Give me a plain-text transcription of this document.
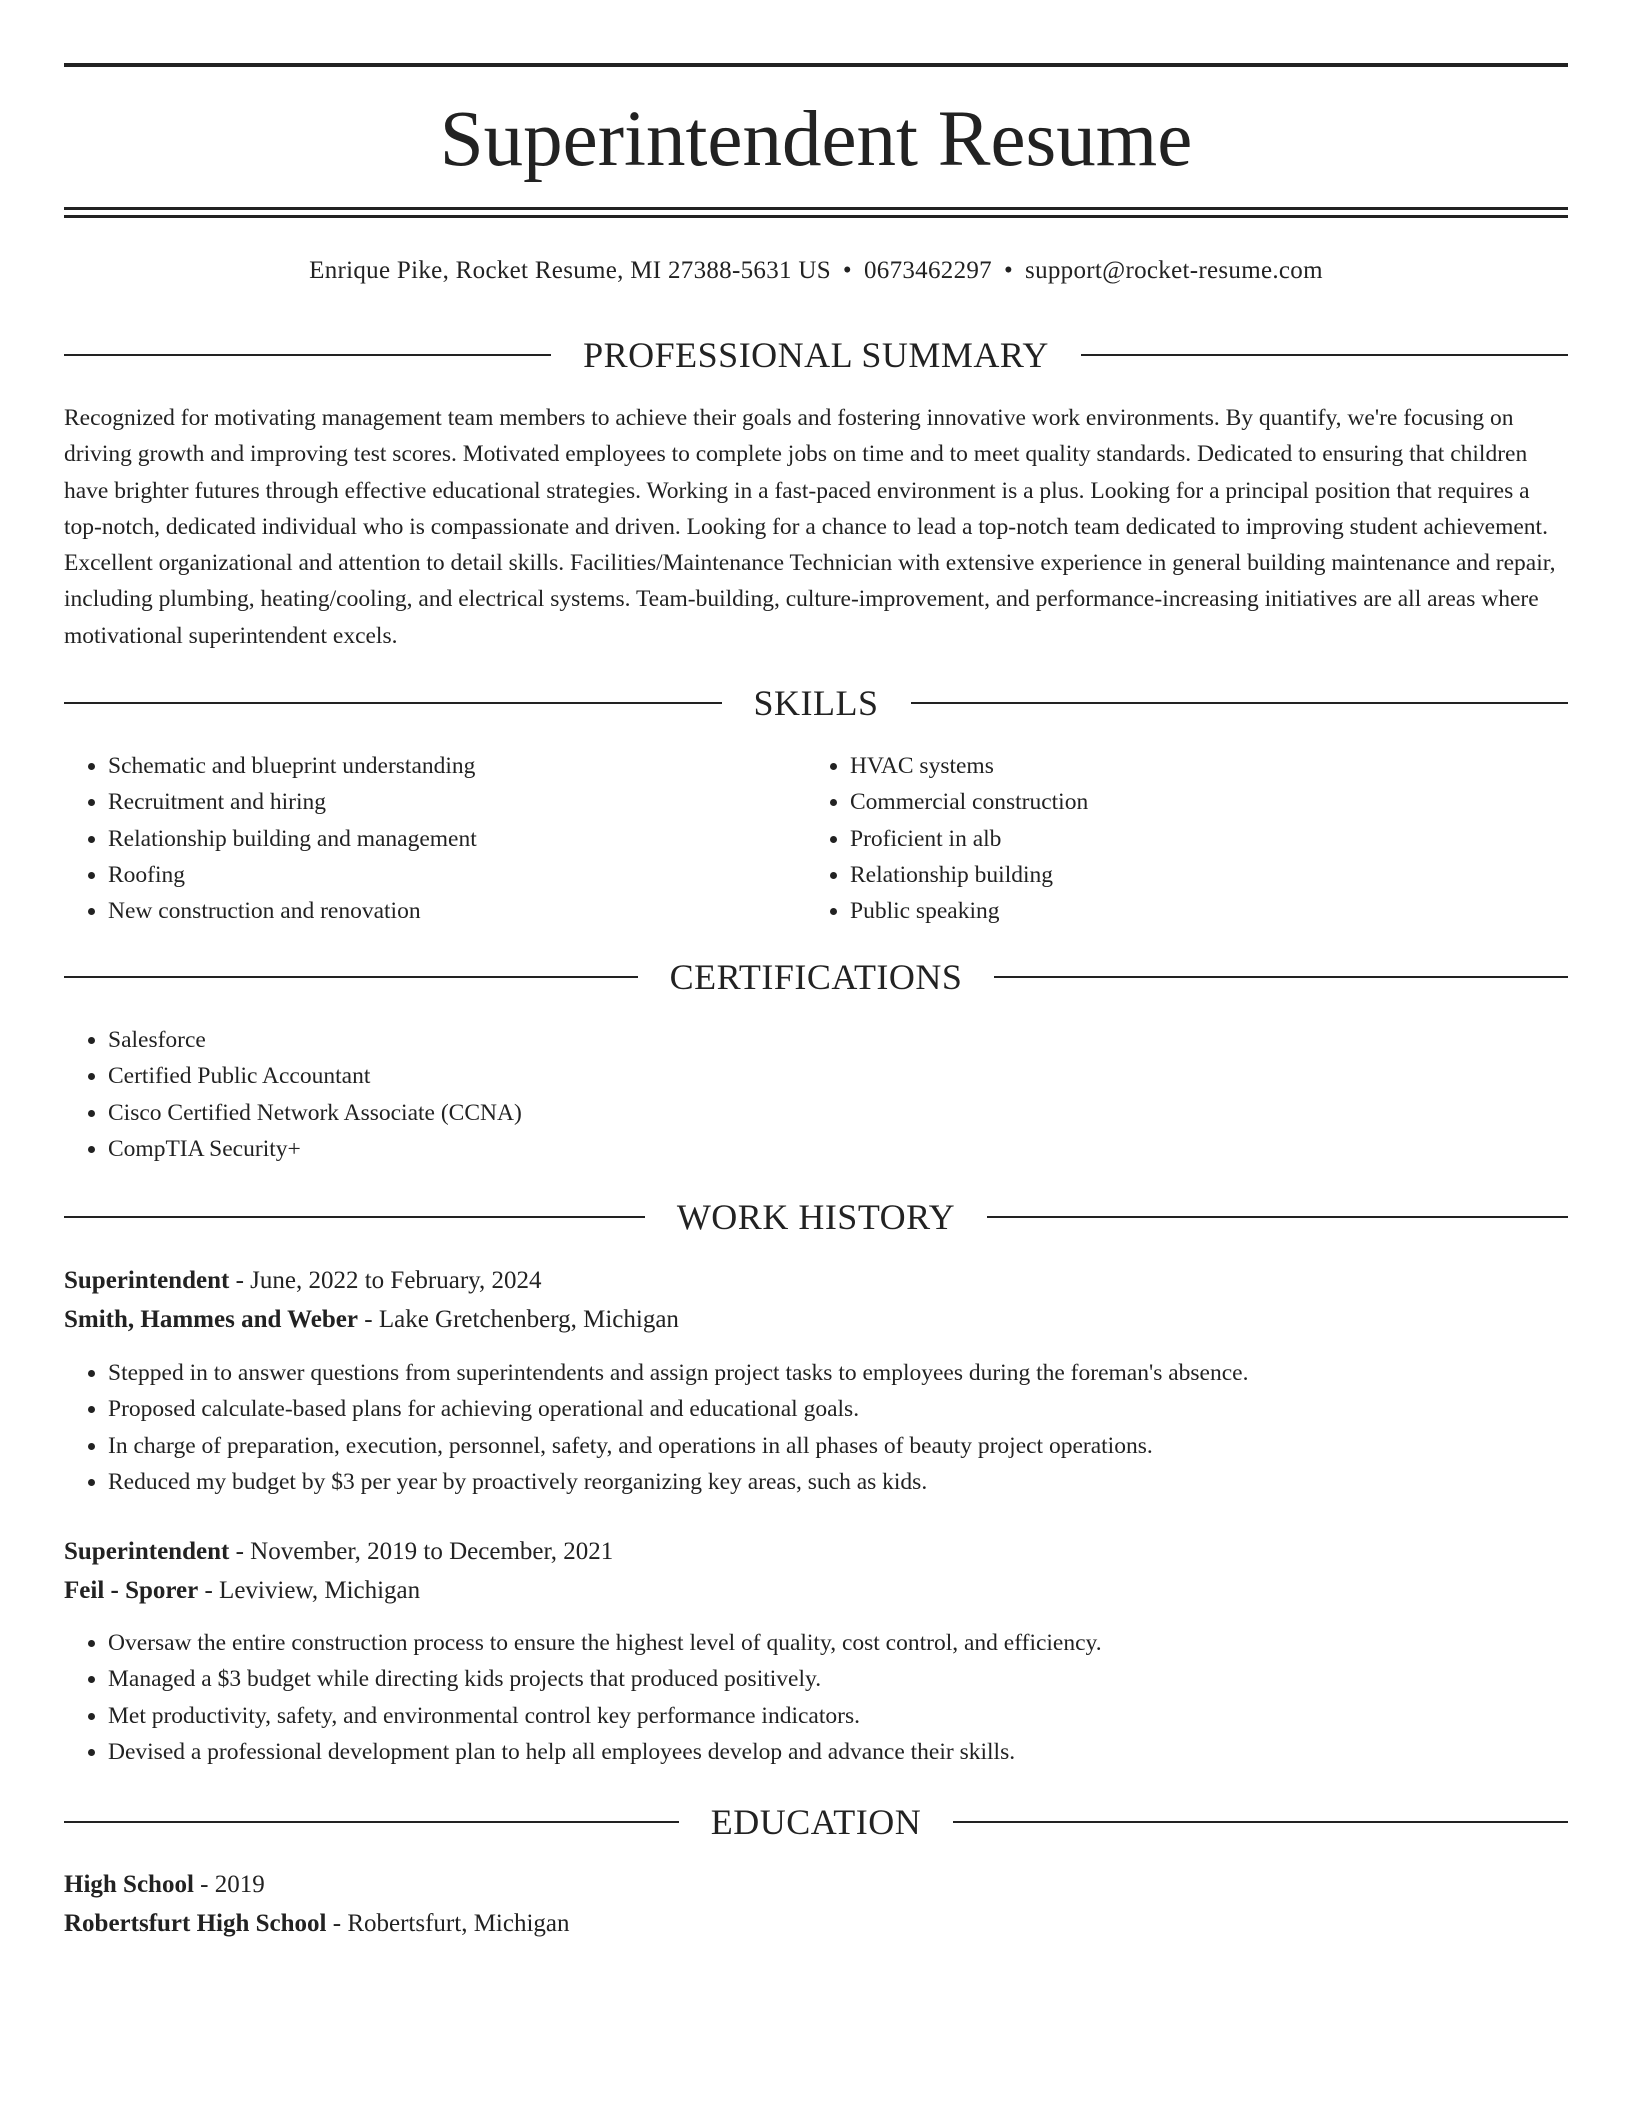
Superintendent Resume
Enrique Pike, Rocket Resume, MI 27388-5631 US • 0673462297 • support@rocket-resume.com
PROFESSIONAL SUMMARY

Recognized for motivating management team members to achieve their goals and fostering innovative work environments. By quantify, we're focusing on driving growth and improving test scores. Motivated employees to complete jobs on time and to meet quality standards. Dedicated to ensuring that children have brighter futures through effective educational strategies. Working in a fast-paced environment is a plus. Looking for a principal position that requires a top-notch, dedicated individual who is compassionate and driven. Looking for a chance to lead a top-notch team dedicated to improving student achievement. Excellent organizational and attention to detail skills. Facilities/Maintenance Technician with extensive experience in general building maintenance and repair, including plumbing, heating/cooling, and electrical systems. Team-building, culture-improvement, and performance-increasing initiatives are all areas where motivational superintendent excels.

SKILLS
• Schematic and blueprint understanding
• Recruitment and hiring
• Relationship building and management
• Roofing
• New construction and renovation
• HVAC systems
• Commercial construction
• Proficient in alb
• Relationship building
• Public speaking
CERTIFICATIONS
• Salesforce
• Certified Public Accountant
• Cisco Certified Network Associate (CCNA)
• CompTIA Security+
WORK HISTORY

Superintendent - June, 2022 to February, 2024

Smith, Hammes and Weber - Lake Gretchenberg, Michigan

• Stepped in to answer questions from superintendents and assign project tasks to employees during the foreman's absence.
• Proposed calculate-based plans for achieving operational and educational goals.
• In charge of preparation, execution, personnel, safety, and operations in all phases of beauty project operations.
• Reduced my budget by $3 per year by proactively reorganizing key areas, such as kids.

Superintendent - November, 2019 to December, 2021

Feil - Sporer - Leviview, Michigan

• Oversaw the entire construction process to ensure the highest level of quality, cost control, and efficiency.
• Managed a $3 budget while directing kids projects that produced positively.
• Met productivity, safety, and environmental control key performance indicators.
• Devised a professional development plan to help all employees develop and advance their skills.
EDUCATION

High School - 2019

Robertsfurt High School - Robertsfurt, Michigan
